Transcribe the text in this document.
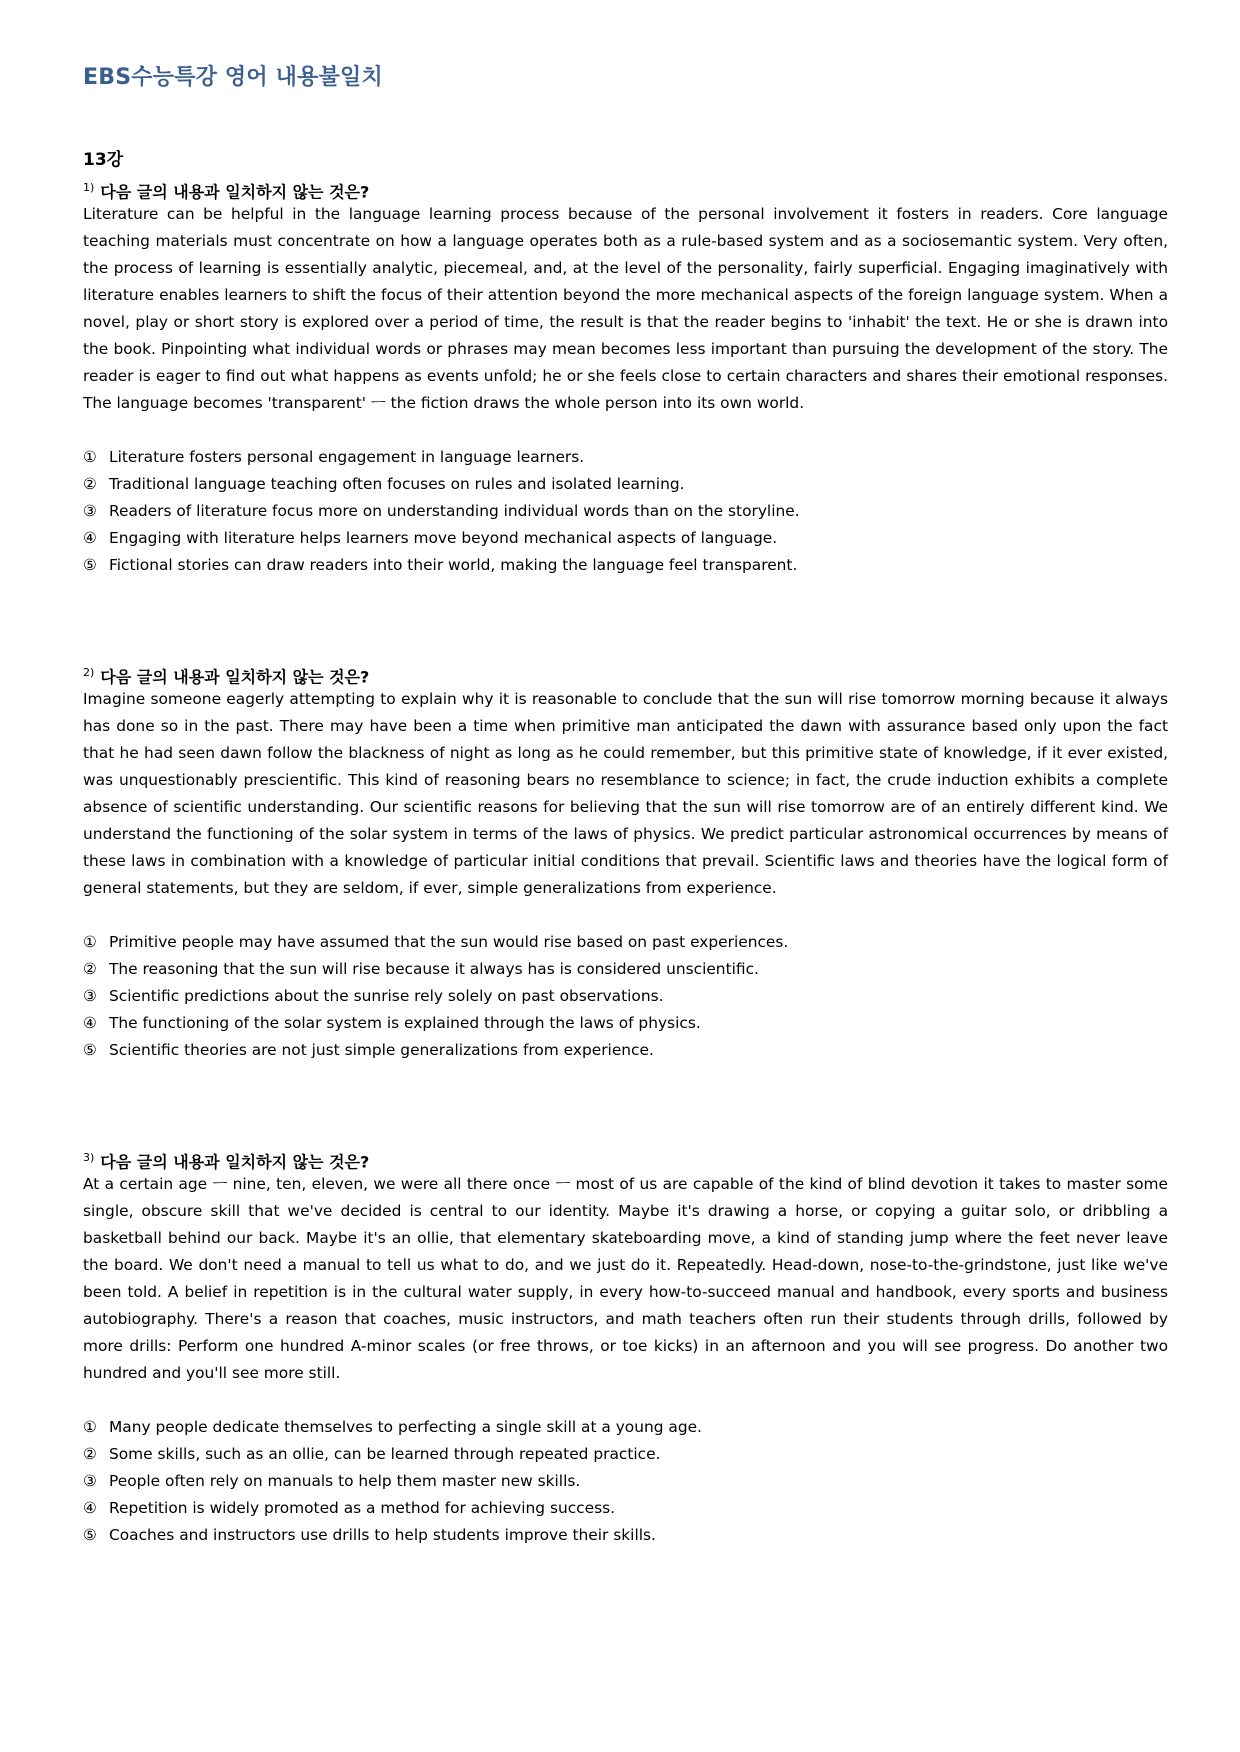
EBS수능특강 영어 내용불일치
13강
$^{1)}$ 다음 글의 내용과 일치하지 않는 것은?

Literature can be helpful in the language learning process because of the personal involvement it fosters in readers. Core language teaching materials must concentrate on how a language operates both as a rule-based system and as a sociosemantic system. Very often, the process of learning is essentially analytic, piecemeal, and, at the level of the personality, fairly superficial. Engaging imaginatively with literature enables learners to shift the focus of their attention beyond the more mechanical aspects of the foreign language system. When a novel, play or short story is explored over a period of time, the result is that the reader begins to 'inhabit' the text. He or she is drawn into the book. Pinpointing what individual words or phrases may mean becomes less important than pursuing the development of the story. The reader is eager to find out what happens as events unfold; he or she feels close to certain characters and shares their emotional responses. The language becomes 'transparent' ㅡ the fiction draws the whole person into its own world.

① Literature fosters personal engagement in language learners.
② Traditional language teaching often focuses on rules and isolated learning.
③ Readers of literature focus more on understanding individual words than on the storyline.
④ Engaging with literature helps learners move beyond mechanical aspects of language.
⑤ Fictional stories can draw readers into their world, making the language feel transparent.
$^{2)}$ 다음 글의 내용과 일치하지 않는 것은?

Imagine someone eagerly attempting to explain why it is reasonable to conclude that the sun will rise tomorrow morning because it always has done so in the past. There may have been a time when primitive man anticipated the dawn with assurance based only upon the fact that he had seen dawn follow the blackness of night as long as he could remember, but this primitive state of knowledge, if it ever existed, was unquestionably prescientific. This kind of reasoning bears no resemblance to science; in fact, the crude induction exhibits a complete absence of scientific understanding. Our scientific reasons for believing that the sun will rise tomorrow are of an entirely different kind. We understand the functioning of the solar system in terms of the laws of physics. We predict particular astronomical occurrences by means of these laws in combination with a knowledge of particular initial conditions that prevail. Scientific laws and theories have the logical form of general statements, but they are seldom, if ever, simple generalizations from experience.

① Primitive people may have assumed that the sun would rise based on past experiences.
② The reasoning that the sun will rise because it always has is considered unscientific.
③ Scientific predictions about the sunrise rely solely on past observations.
④ The functioning of the solar system is explained through the laws of physics.
⑤ Scientific theories are not just simple generalizations from experience.
$^{3)}$ 다음 글의 내용과 일치하지 않는 것은?

At a certain age ㅡ nine, ten, eleven, we were all there once ㅡ most of us are capable of the kind of blind devotion it takes to master some single, obscure skill that we've decided is central to our identity. Maybe it's drawing a horse, or copying a guitar solo, or dribbling a basketball behind our back. Maybe it's an ollie, that elementary skateboarding move, a kind of standing jump where the feet never leave the board. We don't need a manual to tell us what to do, and we just do it. Repeatedly. Head-down, nose-to-the-grindstone, just like we've been told. A belief in repetition is in the cultural water supply, in every how-to-succeed manual and handbook, every sports and business autobiography. There's a reason that coaches, music instructors, and math teachers often run their students through drills, followed by more drills: Perform one hundred A-minor scales (or free throws, or toe kicks) in an afternoon and you will see progress. Do another two hundred and you'll see more still.

① Many people dedicate themselves to perfecting a single skill at a young age.
② Some skills, such as an ollie, can be learned through repeated practice.
③ People often rely on manuals to help them master new skills.
④ Repetition is widely promoted as a method for achieving success.
⑤ Coaches and instructors use drills to help students improve their skills.
